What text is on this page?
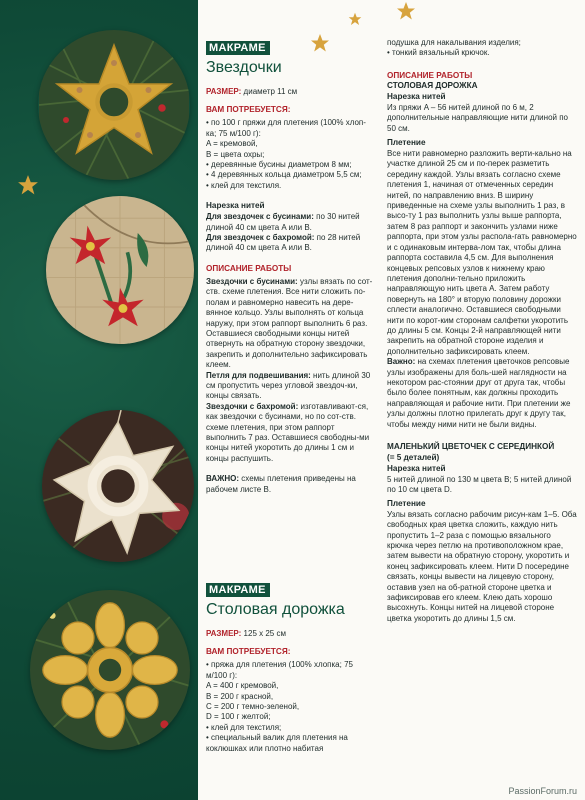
МАКРАМЕ
Звездочки

РАЗМЕР: диаметр 11 см

ВАМ ПОТРЕБУЕТСЯ:

• по 100 г пряжи для плетения (100% хлоп-ка; 75 м/100 г):

A = кремовой,

B = цвета охры;

• деревянные бусины диаметром 8 мм;

• 4 деревянных кольца диаметром 5,5 см;

• клей для текстиля.

Нарезка нитей

Для звездочек с бусинами: по 30 нитей длиной 40 см цвета A или B.

Для звездочек с бахромой: по 28 нитей длиной 40 см цвета A или B.

ОПИСАНИЕ РАБОТЫ

Звездочки с бусинами: узлы вязать по сот-ств. схеме плетения. Все нити сложить по-полам и равномерно навесить на дере-вянное кольцо. Узлы выполнять от кольца наружу, при этом раппорт выполнить 6 раз. Оставшиеся свободными концы нитей отвернуть на обратную сторону звездочки, закрепить и дополнительно зафиксировать клеем.

Петля для подвешивания: нить длиной 30 см пропустить через угловой звездоч-ки, концы связать.

Звездочки с бахромой: изготавливают-ся, как звездочки с бусинами, но по сот-ств. схеме плетения, при этом раппорт выполнить 7 раз. Оставшиеся свободны-ми концы нитей укоротить до длины 1 см и концы распушить.

ВАЖНО: схемы плетения приведены на рабочем листе B.

МАКРАМЕ
Столовая дорожка

РАЗМЕР: 125 x 25 см

ВАМ ПОТРЕБУЕТСЯ:

• пряжа для плетения (100% хлопка; 75 м/100 г):

A = 400 г кремовой,

B = 200 г красной,

C = 200 г темно-зеленой,

D = 100 г желтой;

• клей для текстиля;

• специальный валик для плетения на коклюшках или плотно набитая

подушка для накалывания изделия;

• тонкий вязальный крючок.

ОПИСАНИЕ РАБОТЫ
СТОЛОВАЯ ДОРОЖКА
Нарезка нитей

Из пряжи A – 56 нитей длиной по 6 м, 2 дополнительные направляющие нити длиной по 50 см.

Плетение

Все нити равномерно разложить верти-кально на участке длиной 25 см и по-перек разметить середину каждой. Узлы вязать согласно схеме плетения 1, начиная от отмеченных середин нитей, по направлению вниз. В ширину приведенные на схеме узлы выполнить 1 раз, в высо-ту 1 раз выполнить узлы выше раппорта, затем 8 раз раппорт и закончить узлами ниже раппорта, при этом узлы распола-гать равномерно и с одинаковым интерва-лом так, чтобы длина раппорта составила 4,5 см. Для выполнения концевых репсовых узлов к нижнему краю плетения дополни-тельно приложить направляющую нить цвета A. Затем работу повернуть на 180° и вторую половину дорожки сплести аналогично. Оставшиеся свободными нити по корот-ким сторонам салфетки укоротить до длины 5 см. Концы 2-й направляющей нити закрепить на обратной стороне изделия и дополнительно зафиксировать клеем.

Важно: на схемах плетения цветочков репсовые узлы изображены для боль-шей наглядности на некотором рас-стоянии друг от друга так, чтобы было более понятным, как должны проходить направляющая и рабочие нити. При плетении же узлы должны плотно прилегать друг к другу так, чтобы между ними нити не были видны.

МАЛЕНЬКИЙ ЦВЕТОЧЕК С СЕРЕДИНКОЙ
(= 5 деталей)
Нарезка нитей

5 нитей длиной по 130 м цвета B; 5 нитей длиной по 10 см цвета D.

Плетение

Узлы вязать согласно рабочим рисун-кам 1–5. Оба свободных края цветка сложить, каждую нить пропустить 1–2 раза с помощью вязального крючка через петлю на противоположном крае, затем вывести на обратную сторону, укоротить и конец зафиксировать клеем. Нити D посередине связать, концы вывести на лицевую сторону, оставив узел на об-ратной стороне цветка и зафиксировав его клеем. Клею дать хорошо высохнуть. Концы нитей на лицевой стороне цветка укоротить до длины 1,5 см.

PassionForum.ru
